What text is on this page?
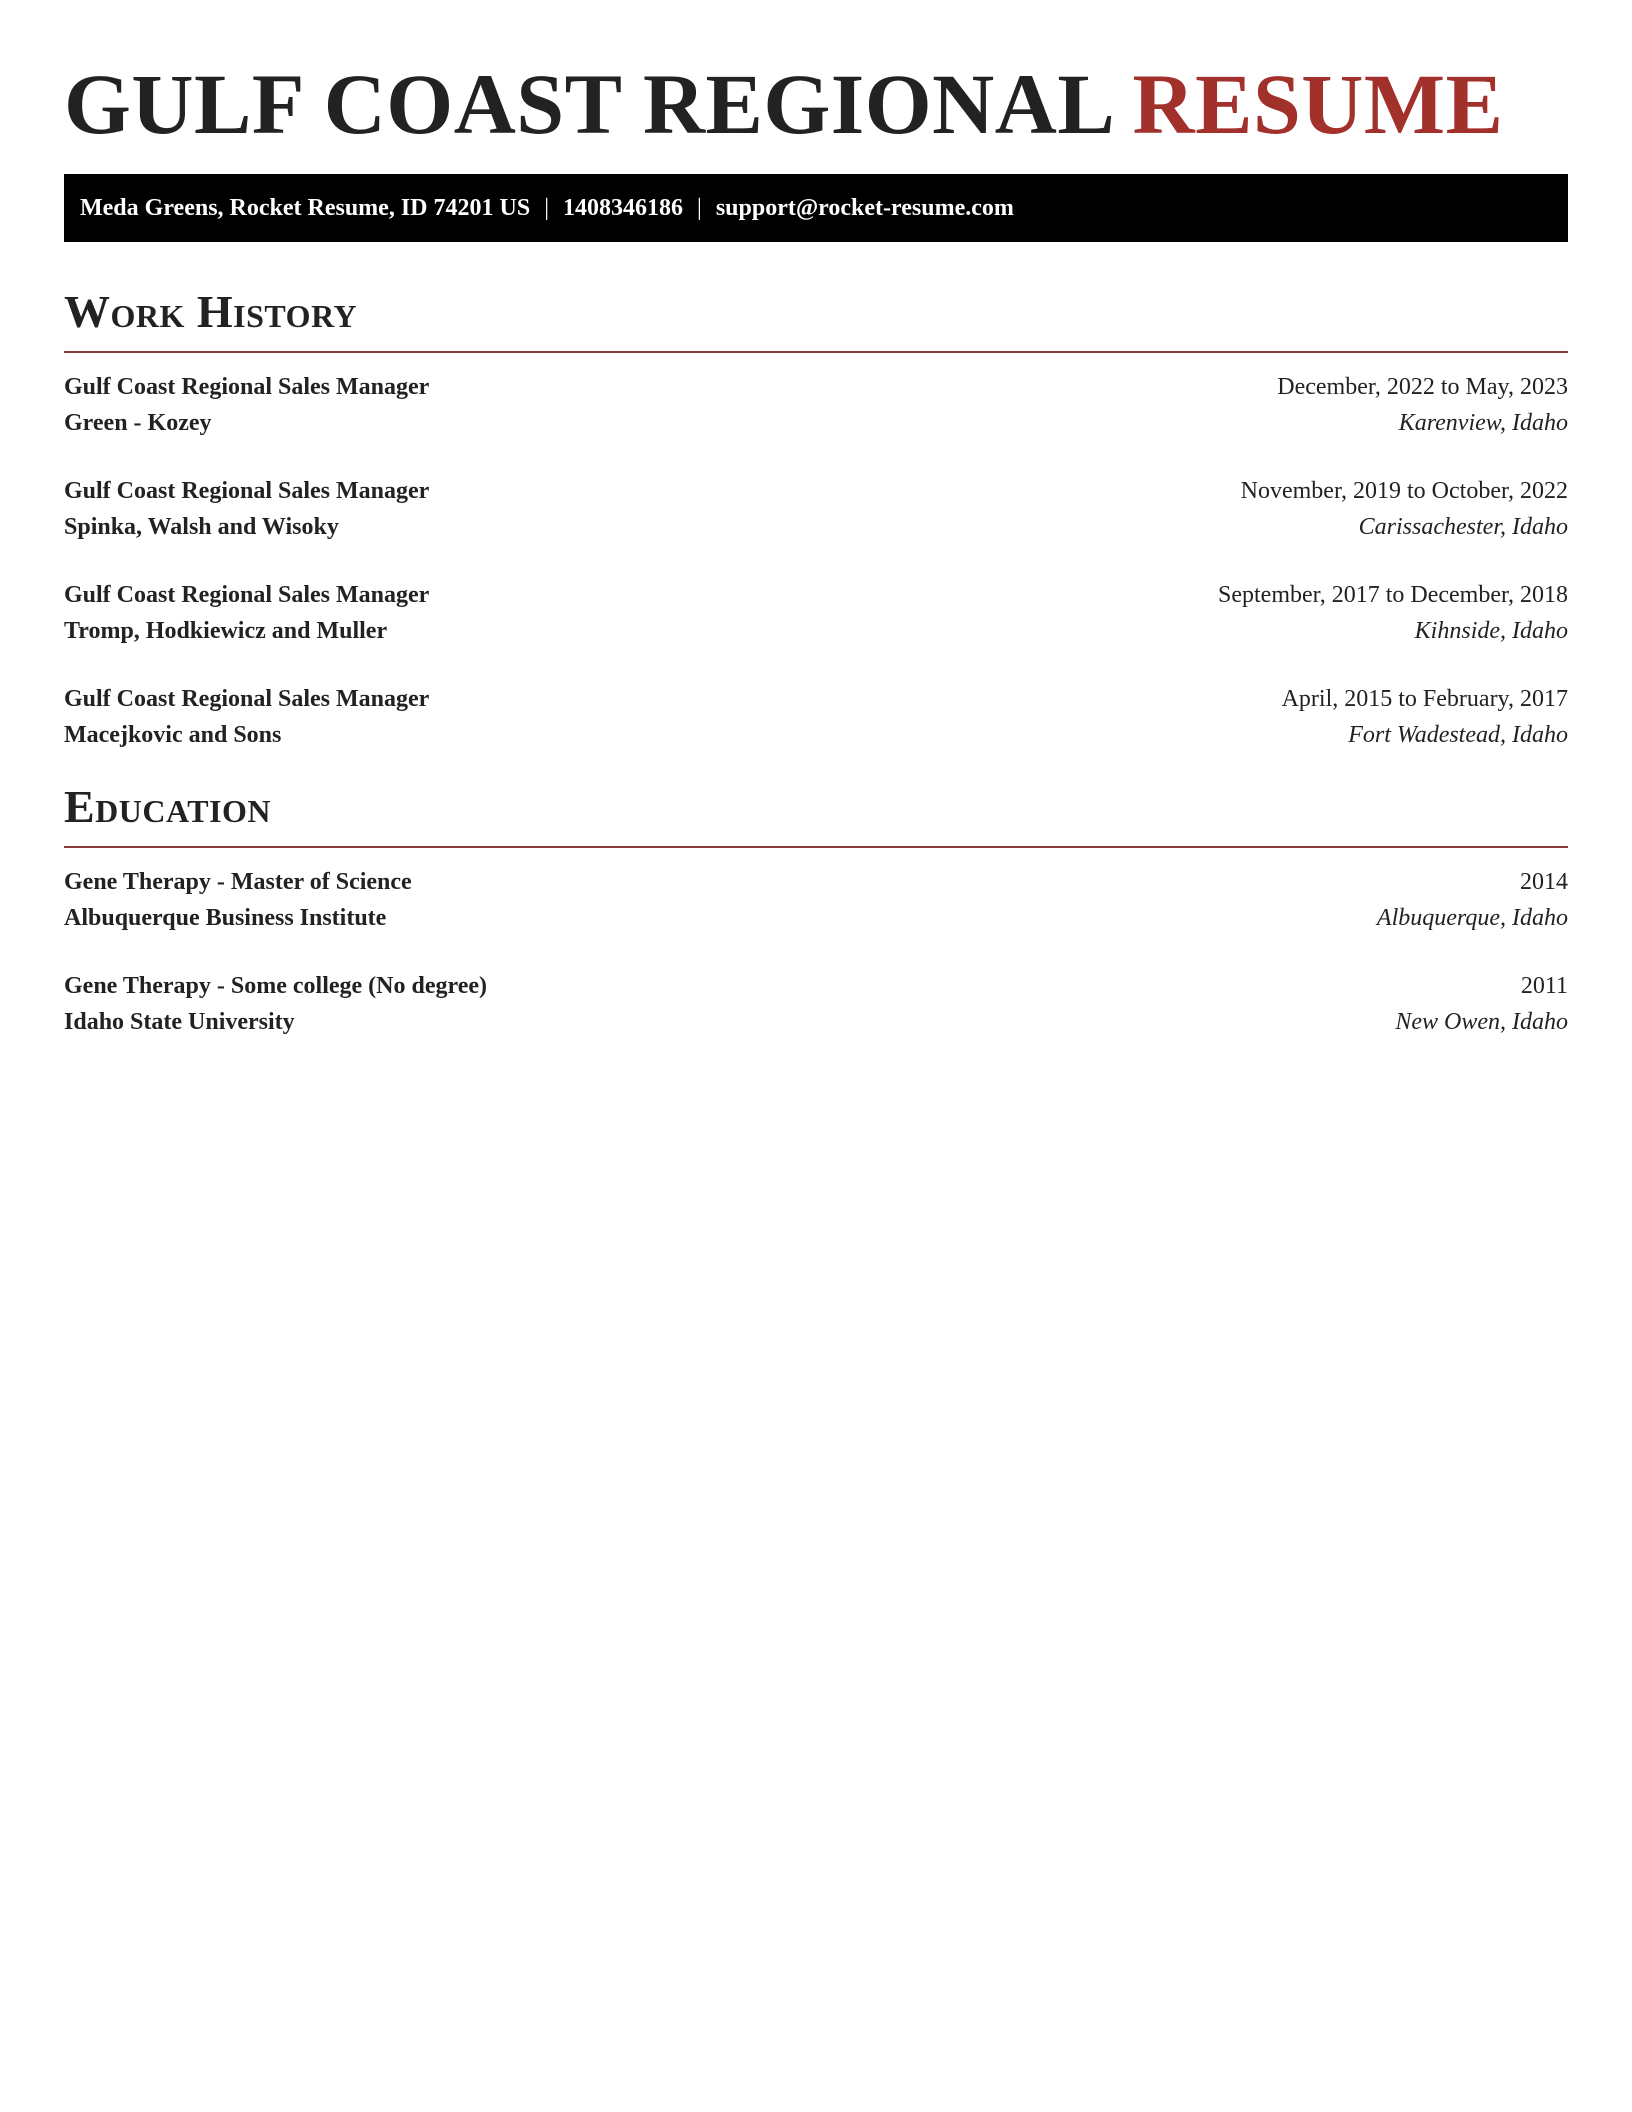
GULF COAST REGIONAL RESUME
Meda Greens, Rocket Resume, ID 74201 US | 1408346186 | support@rocket-resume.com
Work History
Gulf Coast Regional Sales Manager	December, 2022 to May, 2023
Green - Kozey	Karenview, Idaho
Gulf Coast Regional Sales Manager	November, 2019 to October, 2022
Spinka, Walsh and Wisoky	Carissachester, Idaho
Gulf Coast Regional Sales Manager	September, 2017 to December, 2018
Tromp, Hodkiewicz and Muller	Kihnside, Idaho
Gulf Coast Regional Sales Manager	April, 2015 to February, 2017
Macejkovic and Sons	Fort Wadestead, Idaho
Education
Gene Therapy - Master of Science	2014
Albuquerque Business Institute	Albuquerque, Idaho
Gene Therapy - Some college (No degree)	2011
Idaho State University	New Owen, Idaho
